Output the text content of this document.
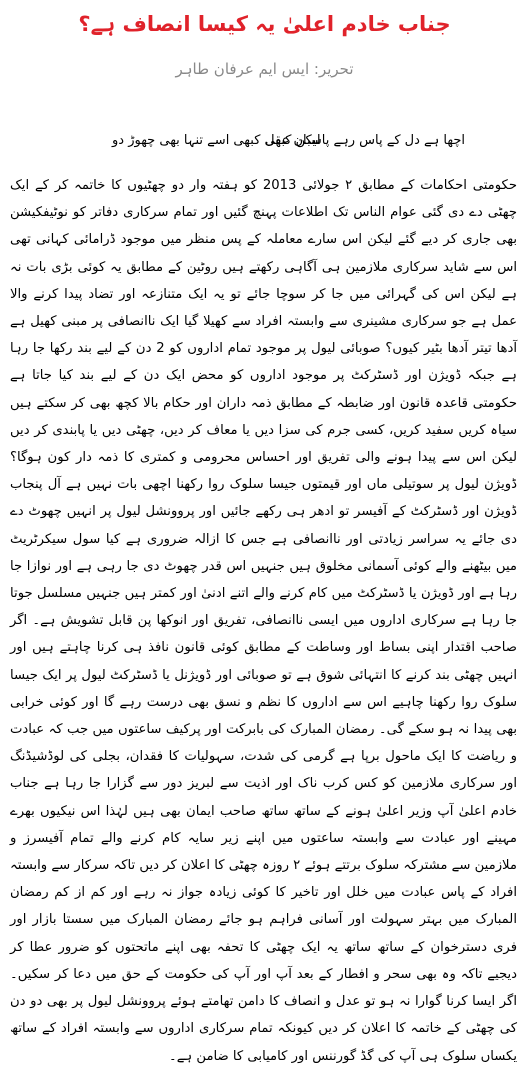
جناب خادم اعلیٰ یہ کیسا انصاف ہے؟
تحریر: ایس ایم عرفان طاہر
اچھا ہے دل کے پاس رہے پاسبان عقل
لیکن کبھی کبھی اسے تنہا بھی چھوڑ دو

حکومتی احکامات کے مطابق ۲ جولائی 2013 کو ہفتہ وار دو چھٹیوں کا خاتمہ کر کے ایک چھٹی دے دی گئی عوام الناس تک اطلاعات پہنچ گئیں اور تمام سرکاری دفاتر کو نوٹیفکیشن بھی جاری کر دیے گئے لیکن اس سارے معاملہ کے پس منظر میں موجود ڈرامائی کہانی تھی اس سے شاید سرکاری ملازمین ہی آگاہی رکھتے ہیں روٹین کے مطابق یہ کوئی بڑی بات نہ ہے لیکن اس کی گہرائی میں جا کر سوچا جائے تو یہ ایک متنازعہ اور تضاد پیدا کرنے والا عمل ہے جو سرکاری مشینری سے وابستہ افراد سے کھیلا گیا ایک ناانصافی پر مبنی کھیل ہے آدھا تیتر آدھا بٹیر کیوں؟ صوبائی لیول پر موجود تمام اداروں کو 2 دن کے لیے بند رکھا جا رہا ہے جبکہ ڈویژن اور ڈسٹرکٹ پر موجود اداروں کو محض ایک دن کے لیے بند کیا جاتا ہے حکومتی قاعدہ قانون اور ضابطہ کے مطابق ذمہ داران اور حکام بالا کچھ بھی کر سکتے ہیں سیاہ کریں سفید کریں، کسی جرم کی سزا دیں یا معاف کر دیں، چھٹی دیں یا پابندی کر دیں لیکن اس سے پیدا ہونے والی تفریق اور احساس محرومی و کمتری کا ذمہ دار کون ہوگا؟ ڈویژن لیول پر سوتیلی ماں اور قیمتوں جیسا سلوک روا رکھنا اچھی بات نہیں ہے آل پنجاب ڈویژن اور ڈسٹرکٹ کے آفیسر تو ادھر ہی رکھے جائیں اور پروونشل لیول پر انہیں چھوٹ دے دی جائے یہ سراسر زیادتی اور ناانصافی ہے جس کا ازالہ ضروری ہے کیا سول سیکرٹریٹ میں بیٹھنے والے کوئی آسمانی مخلوق ہیں جنہیں اس قدر چھوٹ دی جا رہی ہے اور نوازا جا رہا ہے اور ڈویژن یا ڈسٹرکٹ میں کام کرنے والے اتنے ادنیٰ اور کمتر ہیں جنہیں مسلسل جوتا جا رہا ہے سرکاری اداروں میں ایسی ناانصافی، تفریق اور انوکھا پن قابل تشویش ہے۔ اگر صاحب اقتدار اپنی بساط اور وساطت کے مطابق کوئی قانون نافذ ہی کرنا چاہتے ہیں اور انہیں چھٹی بند کرنے کا انتہائی شوق ہے تو صوبائی اور ڈویژنل یا ڈسٹرکٹ لیول پر ایک جیسا سلوک روا رکھنا چاہیے اس سے اداروں کا نظم و نسق بھی درست رہے گا اور کوئی خرابی بھی پیدا نہ ہو سکے گی۔ رمضان المبارک کی بابرکت اور پرکیف ساعتوں میں جب کہ عبادت و ریاضت کا ایک ماحول برپا ہے گرمی کی شدت، سہولیات کا فقدان، بجلی کی لوڈشیڈنگ اور سرکاری ملازمین کو کس کرب ناک اور اذیت سے لبریز دور سے گزارا جا رہا ہے جناب خادم اعلیٰ آپ وزیر اعلیٰ ہونے کے ساتھ ساتھ صاحب ایمان بھی ہیں لہٰذا اس نیکیوں بھرے مہینے اور عبادت سے وابستہ ساعتوں میں اپنے زیر سایہ کام کرنے والے تمام آفیسرز و ملازمین سے مشترکہ سلوک برتتے ہوئے ۲ روزہ چھٹی کا اعلان کر دیں تاکہ سرکار سے وابستہ افراد کے پاس عبادت میں خلل اور تاخیر کا کوئی زیادہ جواز نہ رہے اور کم از کم رمضان المبارک میں بہتر سہولت اور آسانی فراہم ہو جائے رمضان المبارک میں سستا بازار اور فری دسترخوان کے ساتھ ساتھ یہ ایک چھٹی کا تحفہ بھی اپنے ماتحتوں کو ضرور عطا کر دیجیے تاکہ وہ بھی سحر و افطار کے بعد آپ اور آپ کی حکومت کے حق میں دعا کر سکیں۔ اگر ایسا کرنا گوارا نہ ہو تو عدل و انصاف کا دامن تھامتے ہوئے پروونشل لیول پر بھی دو دن کی چھٹی کے خاتمہ کا اعلان کر دیں کیونکہ تمام سرکاری اداروں سے وابستہ افراد کے ساتھ یکساں سلوک ہی آپ کی گڈ گورننس اور کامیابی کا ضامن ہے۔
